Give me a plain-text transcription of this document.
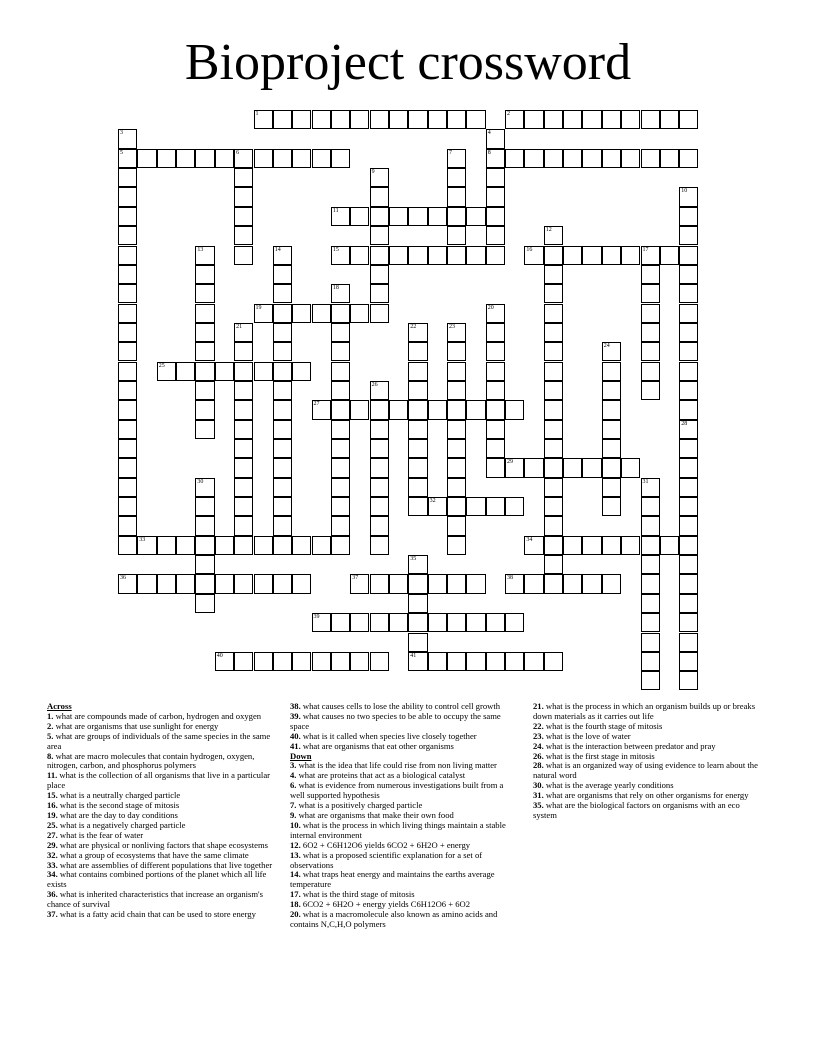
Bioproject crossword
1	2
3
5
4
8
6	7
9
10
28
11
12
13	14	15	16	17
18
19	20
21	22	23
24
25
26
27
29
30	31
32
33	34
35
41
36	37	38
39
40
Across
1. what are compounds made of carbon, hydrogen and oxygen
2. what are organisms that use sunlight for energy
5. what are groups of individuals of the same species in the same area
8. what are macro molecules that contain hydrogen, oxygen, nitrogen, carbon, and phosphorus polymers
11. what is the collection of all organisms that live in a particular place
15. what is a neutrally charged particle
16. what is the second stage of mitosis
19. what are the day to day conditions
25. what is a negatively charged particle
27. what is the fear of water
29. what are physical or nonliving factors that shape ecosystems
32. what a group of ecosystems that have the same climate
33. what are assemblies of different populations that live together
34. what contains combined portions of the planet which all life exists
36. what is inherited characteristics that increase an organism's chance of survival
37. what is a fatty acid chain that can be used to store energy
38. what causes cells to lose the ability to control cell growth
39. what causes no two species to be able to occupy the same space
40. what is it called when species live closely together
41. what are organisms that eat other organisms
Down
3. what is the idea that life could rise from non living matter
4. what are proteins that act as a biological catalyst
6. what is evidence from numerous investigations built from a well supported hypothesis
7. what is a positively charged particle
9. what are organisms that make their own food
10. what is the process in which living things maintain a stable internal environment
12. 6O2 + C6H12O6 yields 6CO2 + 6H2O + energy
13. what is a proposed scientific explanation for a set of observations
14. what traps heat energy and maintains the earths average temperature
17. what is the third stage of mitosis
18. 6CO2 + 6H2O + energy yields C6H12O6 + 6O2
20. what is a macromolecule also known as amino acids and contains N,C,H,O polymers
21. what is the process in which an organism builds up or breaks down materials as it carries out life
22. what is the fourth stage of mitosis
23. what is the love of water
24. what is the interaction between predator and pray
26. what is the first stage in mitosis
28. what is an organized way of using evidence to learn about the natural word
30. what is the average yearly conditions
31. what are organisms that rely on other organisms for energy
35. what are the biological factors on organisms with an eco system
